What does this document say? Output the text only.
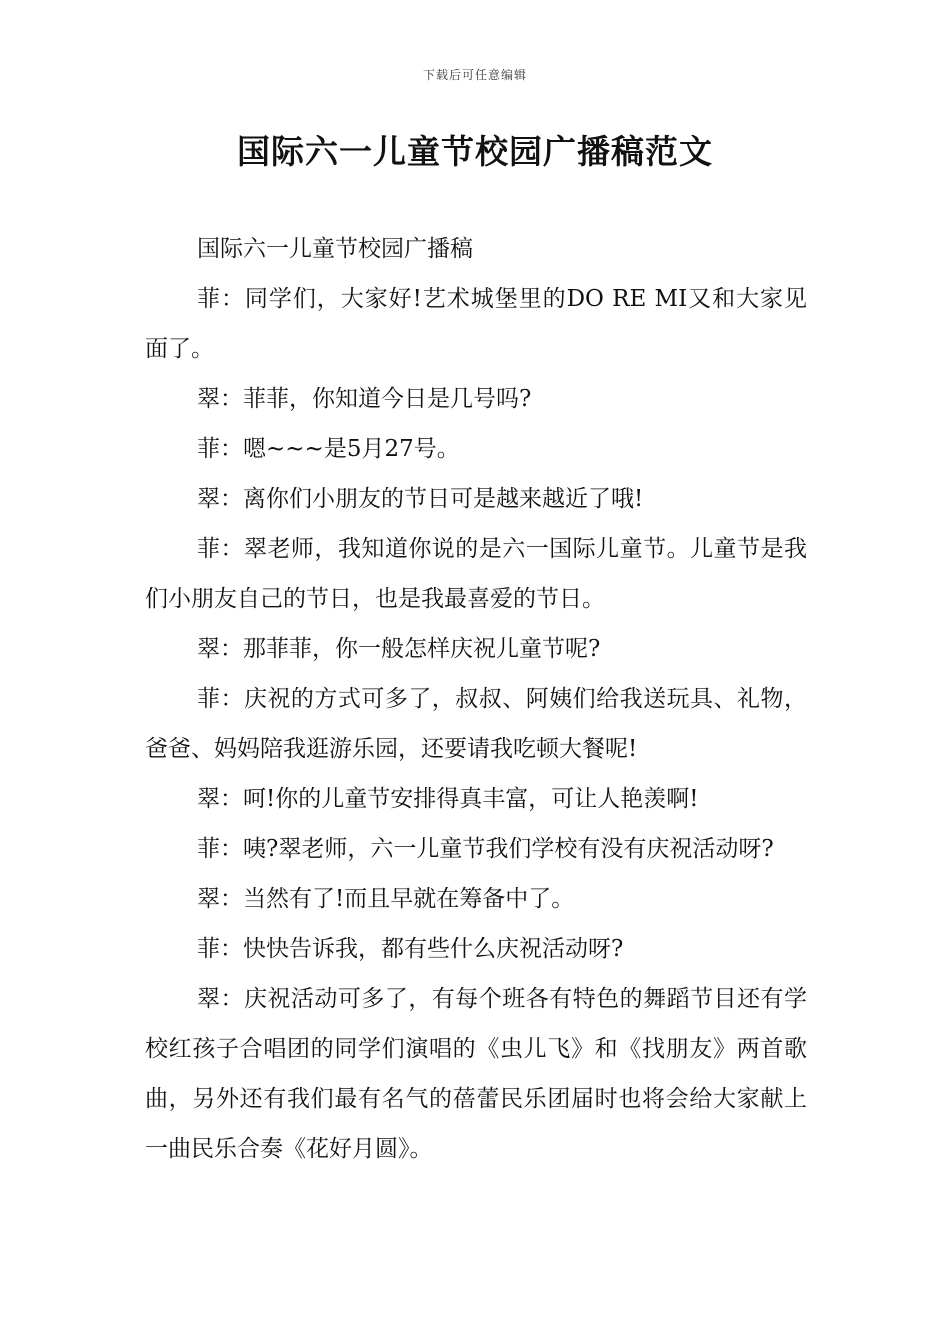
下载后可任意编辑
国际六一儿童节校园广播稿范文

国际六一儿童节校园广播稿

菲：同学们，大家好!艺术城堡里的DO RE MI又和大家见面了。

翠：菲菲，你知道今日是几号吗?

菲：嗯~~~是5月27号。

翠：离你们小朋友的节日可是越来越近了哦!

菲：翠老师，我知道你说的是六一国际儿童节。儿童节是我们小朋友自己的节日，也是我最喜爱的节日。

翠：那菲菲，你一般怎样庆祝儿童节呢?

菲：庆祝的方式可多了，叔叔、阿姨们给我送玩具、礼物，爸爸、妈妈陪我逛游乐园，还要请我吃顿大餐呢!

翠：呵!你的儿童节安排得真丰富，可让人艳羡啊!

菲：咦?翠老师，六一儿童节我们学校有没有庆祝活动呀?

翠：当然有了!而且早就在筹备中了。

菲：快快告诉我，都有些什么庆祝活动呀?

翠：庆祝活动可多了，有每个班各有特色的舞蹈节目还有学校红孩子合唱团的同学们演唱的《虫儿飞》和《找朋友》两首歌曲，另外还有我们最有名气的蓓蕾民乐团届时也将会给大家献上一曲民乐合奏《花好月圆》。
